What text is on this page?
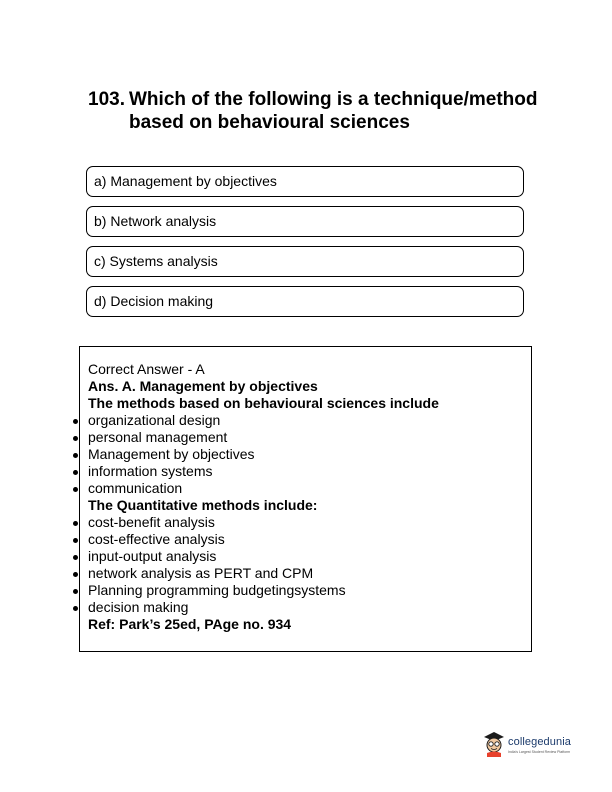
103. Which of the following is a technique/method based on behavioural sciences
a) Management by objectives
b) Network analysis
c) Systems analysis
d) Decision making
Correct Answer - A
Ans. A. Management by objectives
The methods based on behavioural sciences include
organizational design
personal management
Management by objectives
information systems
communication
The Quantitative methods include:
cost-benefit analysis
cost-effective analysis
input-output analysis
network analysis as PERT and CPM
Planning programming budgetingsystems
decision making
Ref: Park’s 25ed, PAge no. 934
collegedunia
India's Largest Student Review Platform
